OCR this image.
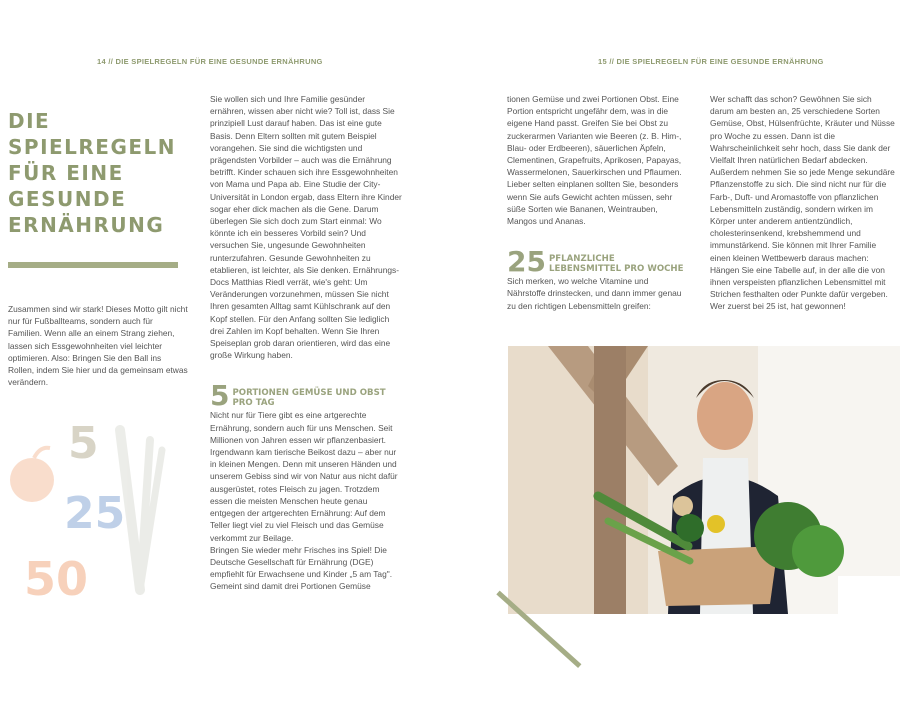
14 // DIE SPIELREGELN FÜR EINE GESUNDE ERNÄHRUNG
DIE
SPIELREGELN
FÜR EINE
GESUNDE
ERNÄHRUNG
Zusammen sind wir stark! Dieses Motto gilt nicht nur für Fußballteams, sondern auch für Familien. Wenn alle an einem Strang ziehen, lassen sich Essgewohnheiten viel leichter optimieren. Also: Bringen Sie den Ball ins Rollen, indem Sie hier und da gemeinsam etwas verändern.
5
25
50

Sie wollen sich und Ihre Familie gesünder ernähren, wissen aber nicht wie? Toll ist, dass Sie prinzipiell Lust darauf haben. Das ist eine gute Basis. Denn Eltern sollten mit gutem Beispiel vorangehen. Sie sind die wichtigsten und prägendsten Vorbilder – auch was die Ernährung betrifft. Kinder schauen sich ihre Essgewohnheiten von Mama und Papa ab. Eine Studie der City-Universität in London ergab, dass Eltern ihre Kinder sogar eher dick machen als die Gene. Darum überlegen Sie sich doch zum Start einmal: Wo könnte ich ein besseres Vorbild sein? Und versuchen Sie, ungesunde Gewohnheiten runterzufahren. Gesunde Gewohnheiten zu etablieren, ist leichter, als Sie denken. Ernährungs-Docs Matthias Riedl verrät, wie's geht: Um Veränderungen vorzunehmen, müssen Sie nicht Ihren gesamten Alltag samt Kühlschrank auf den Kopf stellen. Für den Anfang sollten Sie lediglich drei Zahlen im Kopf behalten. Wenn Sie Ihren Speiseplan grob daran orientieren, wird das eine große Wirkung haben.

5 PORTIONEN GEMÜSE UND OBST PRO TAG

Nicht nur für Tiere gibt es eine artgerechte Ernährung, sondern auch für uns Menschen. Seit Millionen von Jahren essen wir pflanzenbasiert. Irgendwann kam tierische Beikost dazu – aber nur in kleinen Mengen. Denn mit unseren Händen und unserem Gebiss sind wir von Natur aus nicht dafür ausgerüstet, rotes Fleisch zu jagen. Trotzdem essen die meisten Menschen heute genau entgegen der artgerechten Ernährung: Auf dem Teller liegt viel zu viel Fleisch und das Gemüse verkommt zur Beilage.

Bringen Sie wieder mehr Frisches ins Spiel! Die Deutsche Gesellschaft für Ernährung (DGE) empfiehlt für Erwachsene und Kinder „5 am Tag". Gemeint sind damit drei Portionen Gemüse

15 // DIE SPIELREGELN FÜR EINE GESUNDE ERNÄHRUNG

tionen Gemüse und zwei Portionen Obst. Eine Portion entspricht ungefähr dem, was in die eigene Hand passt. Greifen Sie bei Obst zu zuckerarmen Varianten wie Beeren (z. B. Him-, Blau- oder Erdbeeren), säuerlichen Äpfeln, Clementinen, Grapefruits, Aprikosen, Papayas, Wassermelonen, Sauerkirschen und Pflaumen. Lieber selten einplanen sollten Sie, besonders wenn Sie aufs Gewicht achten müssen, sehr süße Sorten wie Bananen, Weintrauben, Mangos und Ananas.

25 PFLANZLICHE LEBENSMITTEL PRO WOCHE

Sich merken, wo welche Vitamine und Nährstoffe drinstecken, und dann immer genau zu den richtigen Lebensmitteln greifen:

Wer schafft das schon? Gewöhnen Sie sich darum am besten an, 25 verschiedene Sorten Gemüse, Obst, Hülsenfrüchte, Kräuter und Nüsse pro Woche zu essen. Dann ist die Wahrscheinlichkeit sehr hoch, dass Sie dank der Vielfalt Ihren natürlichen Bedarf abdecken. Außerdem nehmen Sie so jede Menge sekundäre Pflanzenstoffe zu sich. Die sind nicht nur für die Farb-, Duft- und Aromastoffe von pflanzlichen Lebensmitteln zuständig, sondern wirken im Körper unter anderem antientzündlich, cholesterinsenkend, krebshemmend und immunstärkend. Sie können mit Ihrer Familie einen kleinen Wettbewerb daraus machen: Hängen Sie eine Tabelle auf, in der alle die von ihnen verspeisten pflanzlichen Lebensmittel mit Strichen festhalten oder Punkte dafür vergeben. Wer zuerst bei 25 ist, hat gewonnen!
